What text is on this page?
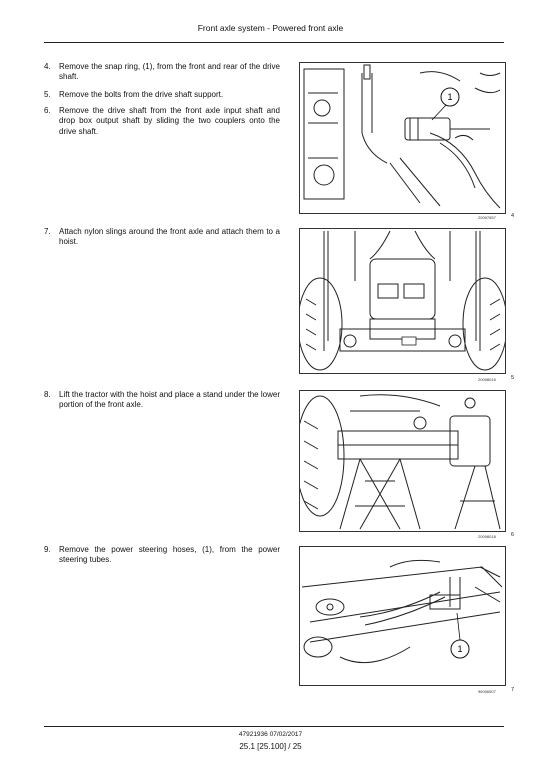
Front axle system - Powered front axle
4.	Remove the snap ring, (1), from the front and rear of the drive shaft.
5.	Remove the bolts from the drive shaft support.
6.	Remove the drive shaft from the front axle input shaft and drop box output shaft by sliding the two couplers onto the drive shaft.
7.	Attach nylon slings around the front axle and attach them to a hoist.
8.	Lift the tractor with the hoist and place a stand under the lower portion of the front axle.
9.	Remove the power steering hoses, (1), from the power steering tubes.
1
20097657	4
20098016	5
20098018	6
1
96096507	7
47921936 07/02/2017
25.1 [25.100] / 25
